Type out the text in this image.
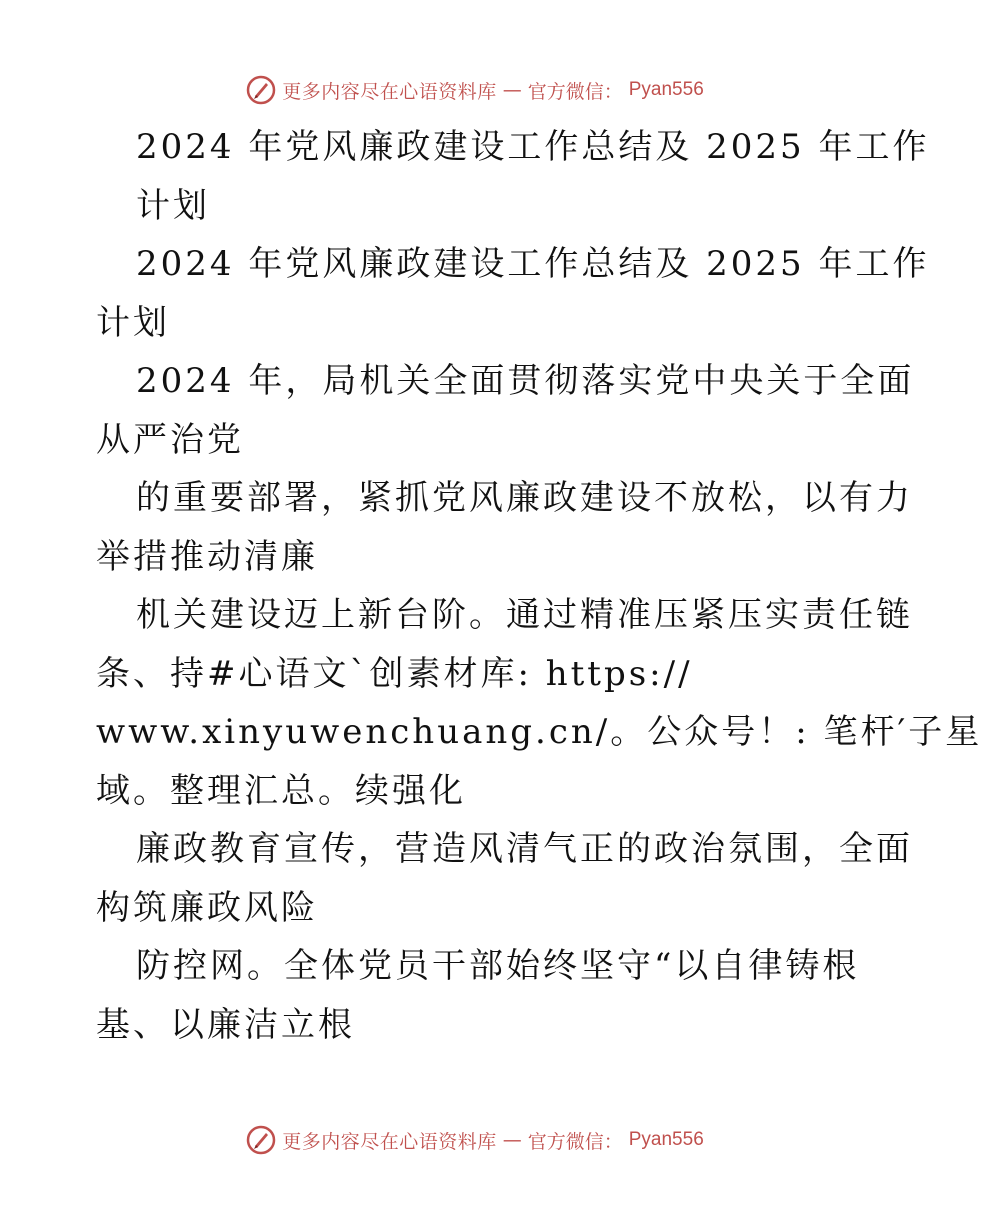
更多内容尽在心语资料库 — 官方微信： Pyan556
2024 年党风廉政建设工作总结及 2025 年工作
计划
2024 年党风廉政建设工作总结及 2025 年工作
计划
2024 年，局机关全面贯彻落实党中央关于全面
从严治党
的重要部署，紧抓党风廉政建设不放松，以有力
举措推动清廉
机关建设迈上新台阶。通过精准压紧压实责任链
条、持#心语文`创素材库: https://
www.xinyuwenchuang.cn/。公众号！: 笔杆′子星
域。整理汇总。续强化
廉政教育宣传，营造风清气正的政治氛围，全面
构筑廉政风险
防控网。全体党员干部始终坚守“以自律铸根
基、以廉洁立根
更多内容尽在心语资料库 — 官方微信： Pyan556
